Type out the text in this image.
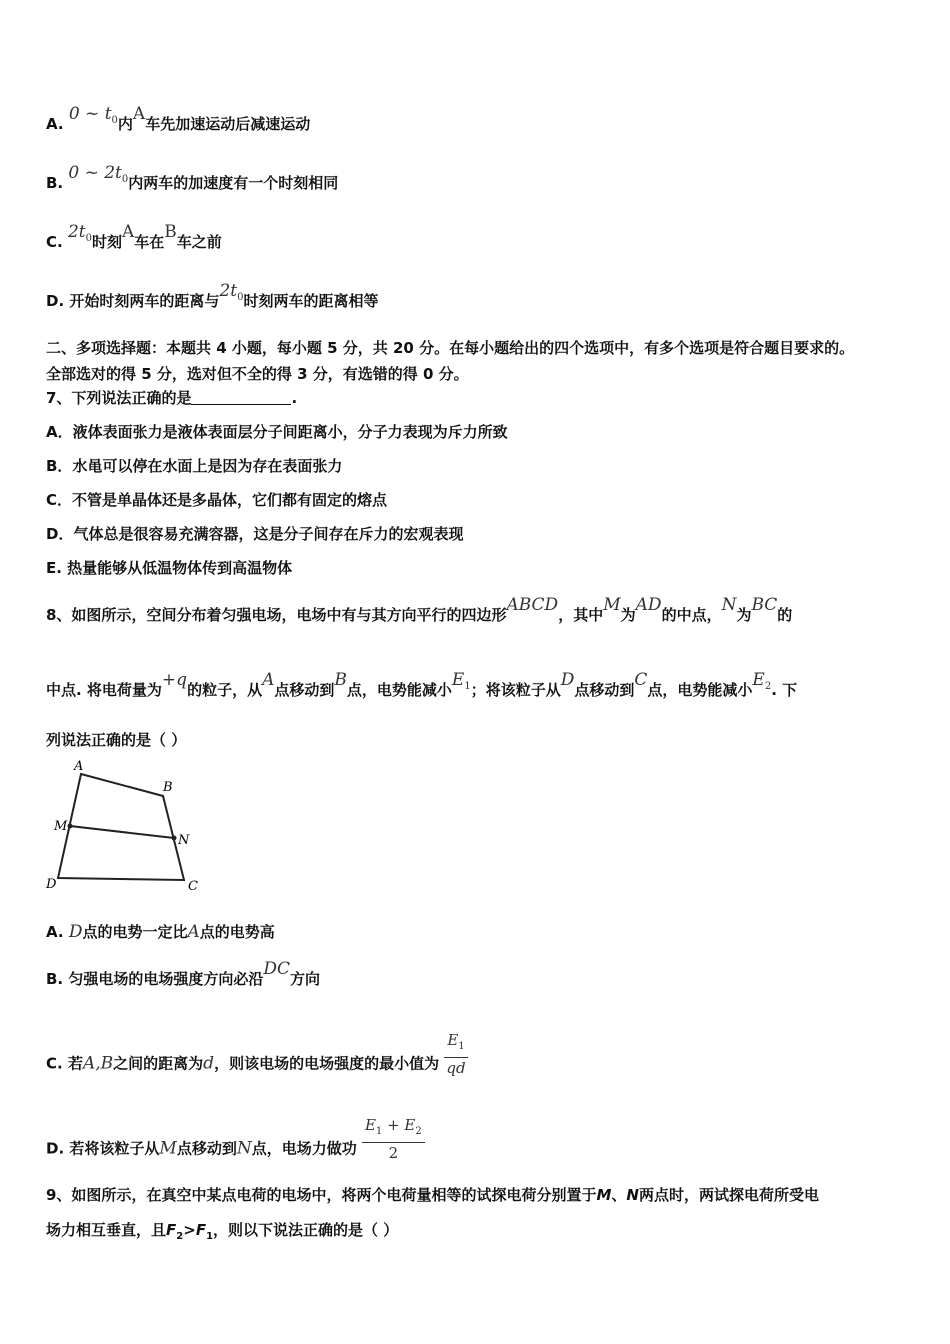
A. 0 ~ $t_0$内A车先加速运动后减速运动
B. 0 ~ $2t_0$内两车的加速度有一个时刻相同
C. $2t_0$时刻A车在B车之前
D. 开始时刻两车的距离与$2t_0$时刻两车的距离相等
二、多项选择题：本题共 4 小题，每小题 5 分，共 20 分。在每小题给出的四个选项中，有多个选项是符合题目要求的。
全部选对的得 5 分，选对但不全的得 3 分，有选错的得 0 分。
7、下列说法正确的是	.
A．液体表面张力是液体表面层分子间距离小，分子力表现为斥力所致
B．水黾可以停在水面上是因为存在表面张力
C．不管是单晶体还是多晶体，它们都有固定的熔点
D．气体总是很容易充满容器，这是分子间存在斥力的宏观表现
E. 热量能够从低温物体传到高温物体
8、如图所示，空间分布着匀强电场，电场中有与其方向平行的四边形ABCD，其中M为AD的中点，N为BC的
中点. 将电荷量为+q的粒子，从A点移动到B点，电势能减小$E_1$；将该粒子从D点移动到C点，电势能减小$E_2$. 下
列说法正确的是（ ）
A
B
C
D
M
N
A. D点的电势一定比A点的电势高
B. 匀强电场的电场强度方向必沿DC方向
C. 若A,B之间的距离为d，则该电场的电场强度的最小值为 $\frac{E_1}{qd}$
D. 若将该粒子从M点移动到N点，电场力做功 $\frac{E_1 + E_2}{2}$
9、如图所示，在真空中某点电荷的电场中，将两个电荷量相等的试探电荷分别置于M、N两点时，两试探电荷所受电
场力相互垂直，且$F_2>F_1$，则以下说法正确的是（ ）
